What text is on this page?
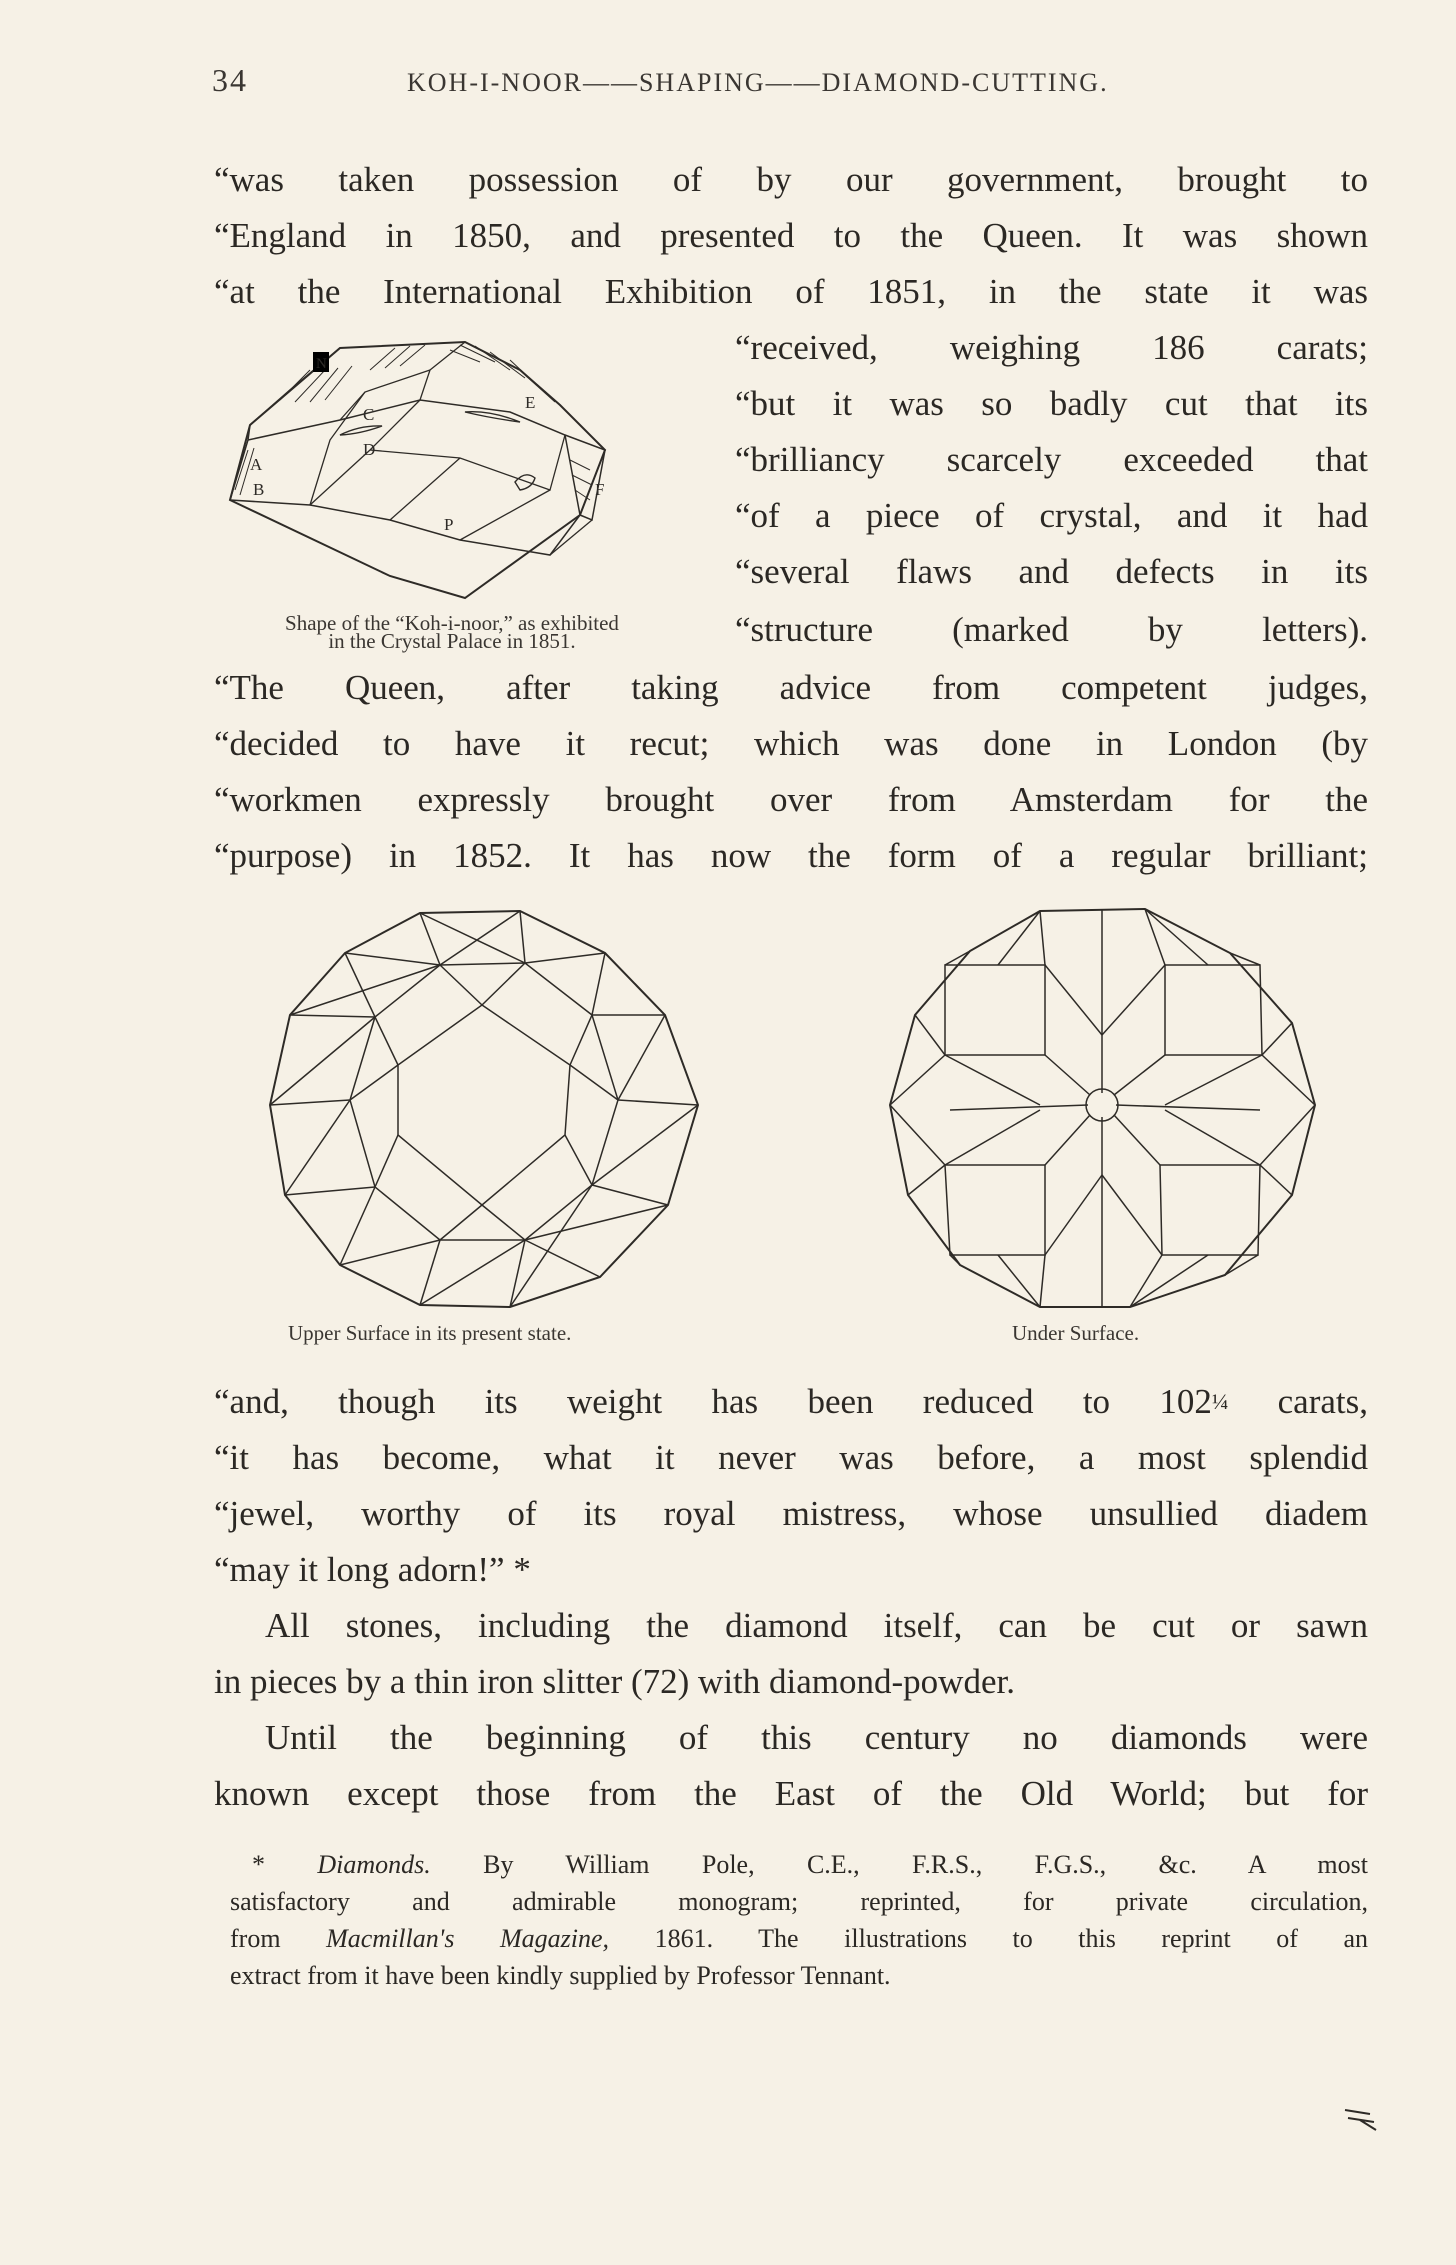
34	KOH-I-NOOR——SHAPING——DIAMOND-CUTTING.
“was taken possession of by our government, brought to
“England in 1850, and presented to the Queen. It was shown
“at the International Exhibition of 1851, in the state it was
A
B
C
D
E
F
N
P
Shape of the “Koh-i-noor,” as exhibited
in the Crystal Palace in 1851.
“received, weighing 186 carats;
“but it was so badly cut that its
“brilliancy scarcely exceeded that
“of a piece of crystal, and it had
“several flaws and defects in its
“structure (marked by letters).
“The Queen, after taking advice from competent judges,
“decided to have it recut; which was done in London (by
“workmen expressly brought over from Amsterdam for the
“purpose) in 1852. It has now the form of a regular brilliant;
Upper Surface in its present state.	Under Surface.
“and, though its weight has been reduced to 102¼ carats,
“it has become, what it never was before, a most splendid
“jewel, worthy of its royal mistress, whose unsullied diadem
“may it long adorn!” *
All stones, including the diamond itself, can be cut or sawn
in pieces by a thin iron slitter (72) with diamond-powder.
Until the beginning of this century no diamonds were
known except those from the East of the Old World; but for
* Diamonds. By William Pole, C.E., F.R.S., F.G.S., &c. A most
satisfactory and admirable monogram; reprinted, for private circulation,
from Macmillan's Magazine, 1861. The illustrations to this reprint of an
extract from it have been kindly supplied by Professor Tennant.
